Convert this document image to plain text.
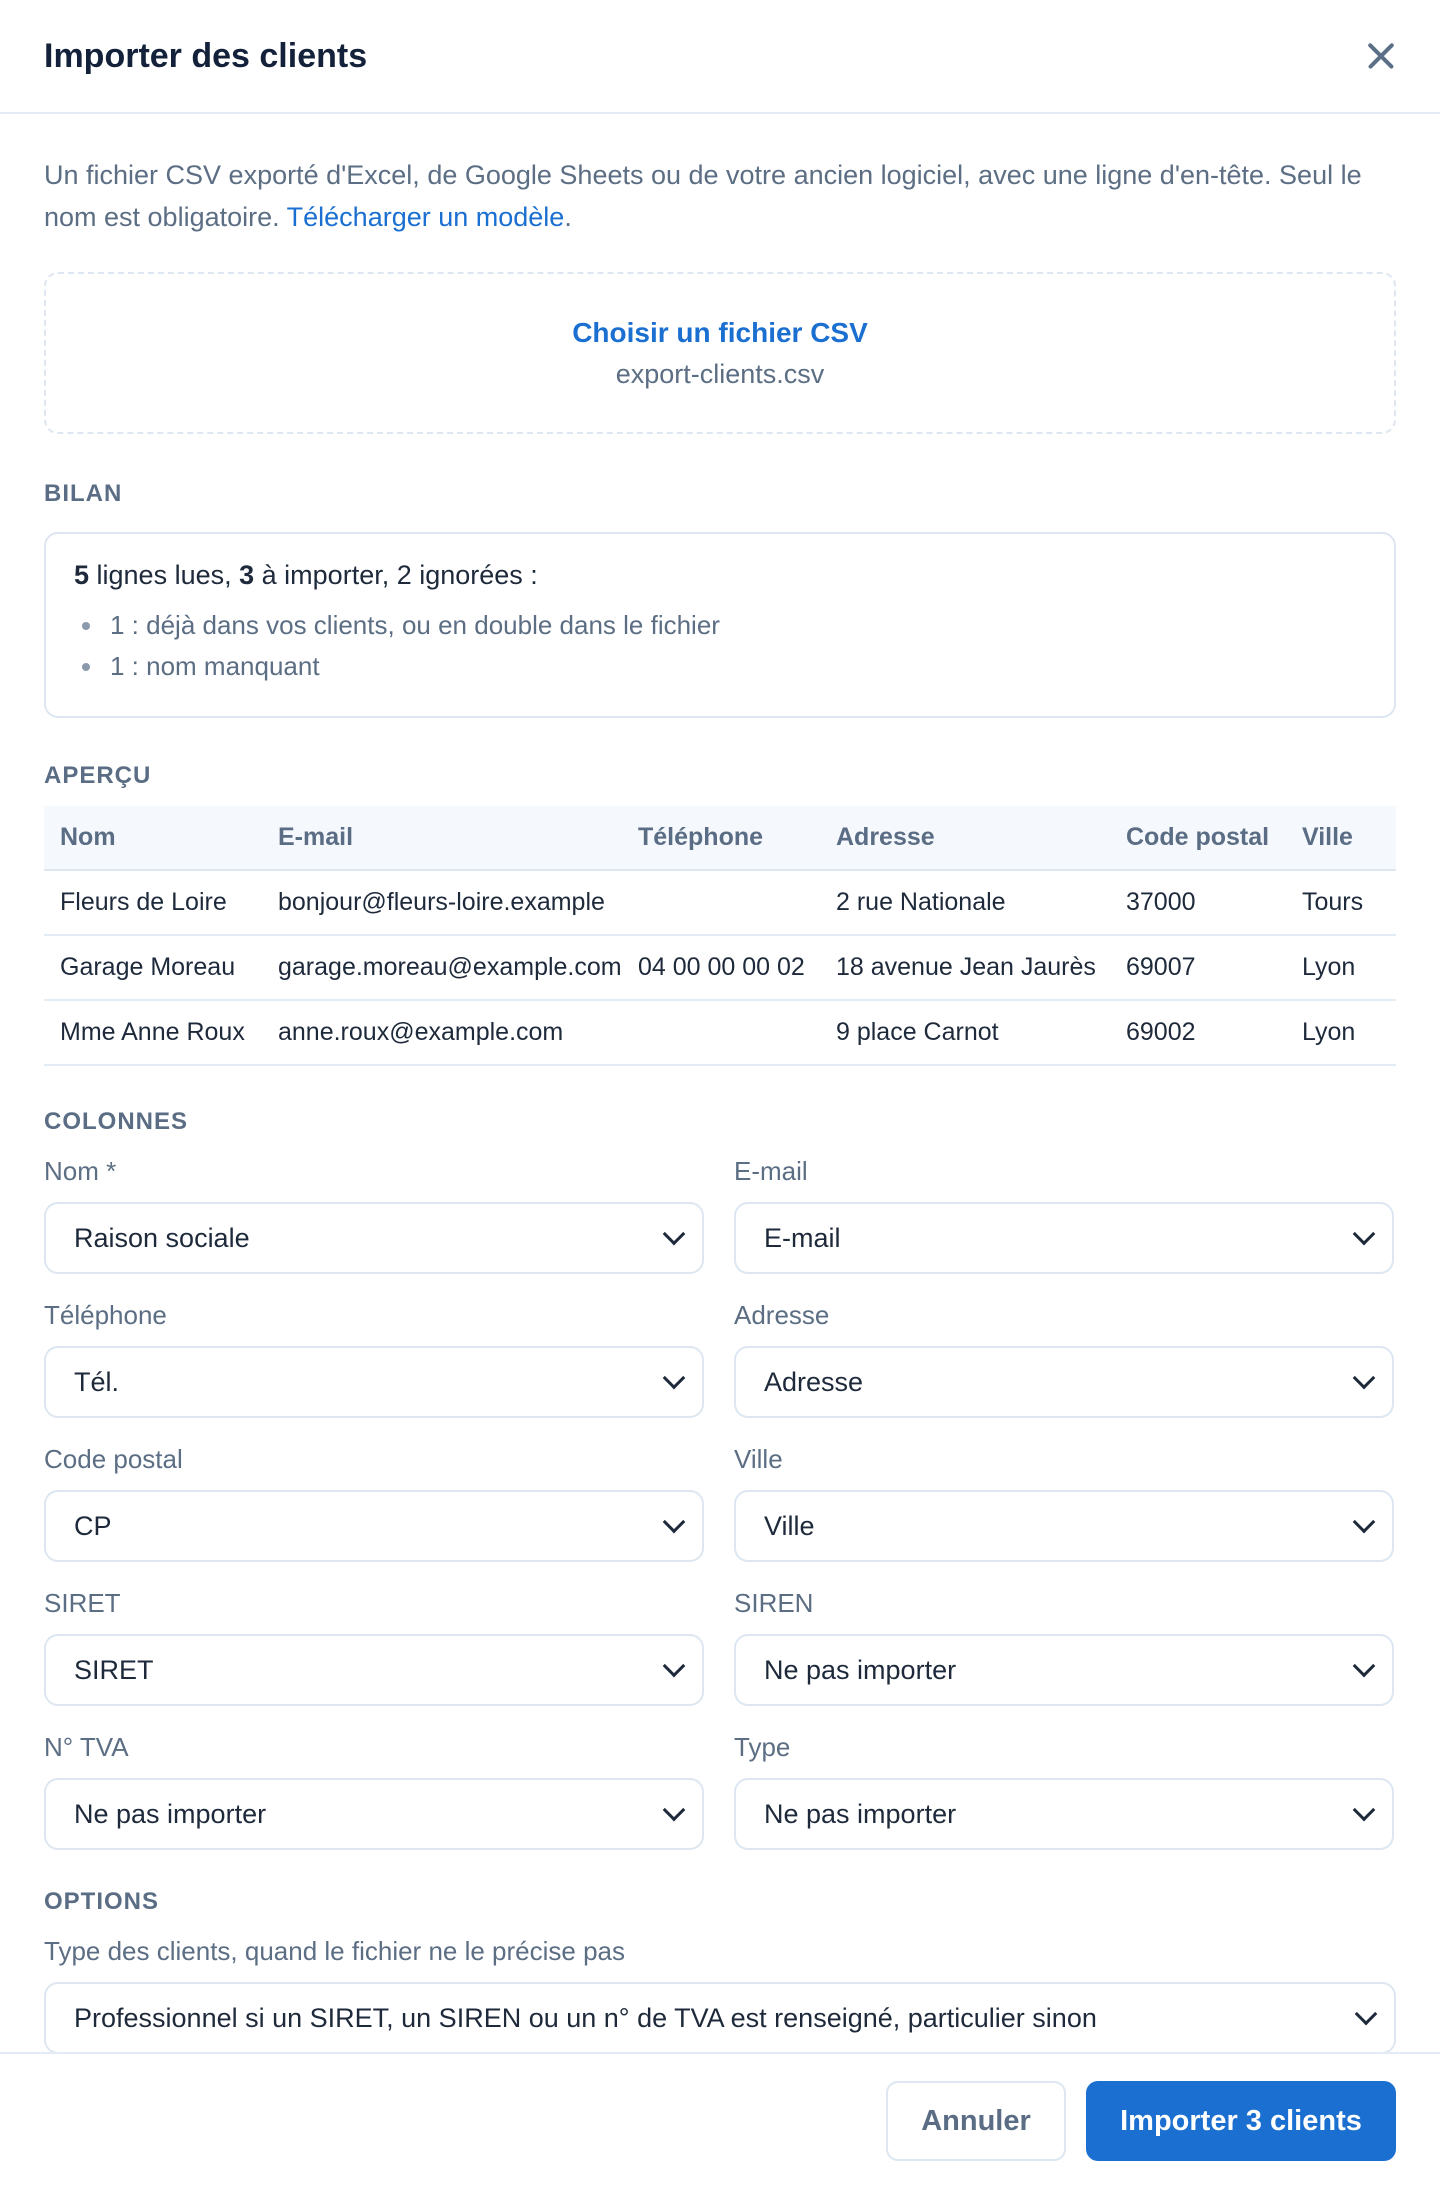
Importer des clients

Un fichier CSV exporté d'Excel, de Google Sheets ou de votre ancien logiciel, avec une ligne d'en-tête. Seul le nom est obligatoire. Télécharger un modèle.

Choisir un fichier CSV
export-clients.csv
BILAN

5 lignes lues, 3 à importer, 2 ignorées :

1 : déjà dans vos clients, ou en double dans le fichier
1 : nom manquant
APERÇU
Nom	E-mail	Téléphone	Adresse	Code postal	Ville
Fleurs de Loire	bonjour@fleurs-loire.example		2 rue Nationale	37000	Tours
Garage Moreau	garage.moreau@example.com	04 00 00 00 02	18 avenue Jean Jaurès	69007	Lyon
Mme Anne Roux	anne.roux@example.com		9 place Carnot	69002	Lyon
COLONNES
Nom *
Raison sociale
E-mail
E-mail
Téléphone
Tél.
Adresse
Adresse
Code postal
CP
Ville
Ville
SIRET
SIRET
SIREN
Ne pas importer
N° TVA
Ne pas importer
Type
Ne pas importer
OPTIONS
Type des clients, quand le fichier ne le précise pas
Professionnel si un SIRET, un SIREN ou un n° de TVA est renseigné, particulier sinon
Annuler	Importer 3 clients
